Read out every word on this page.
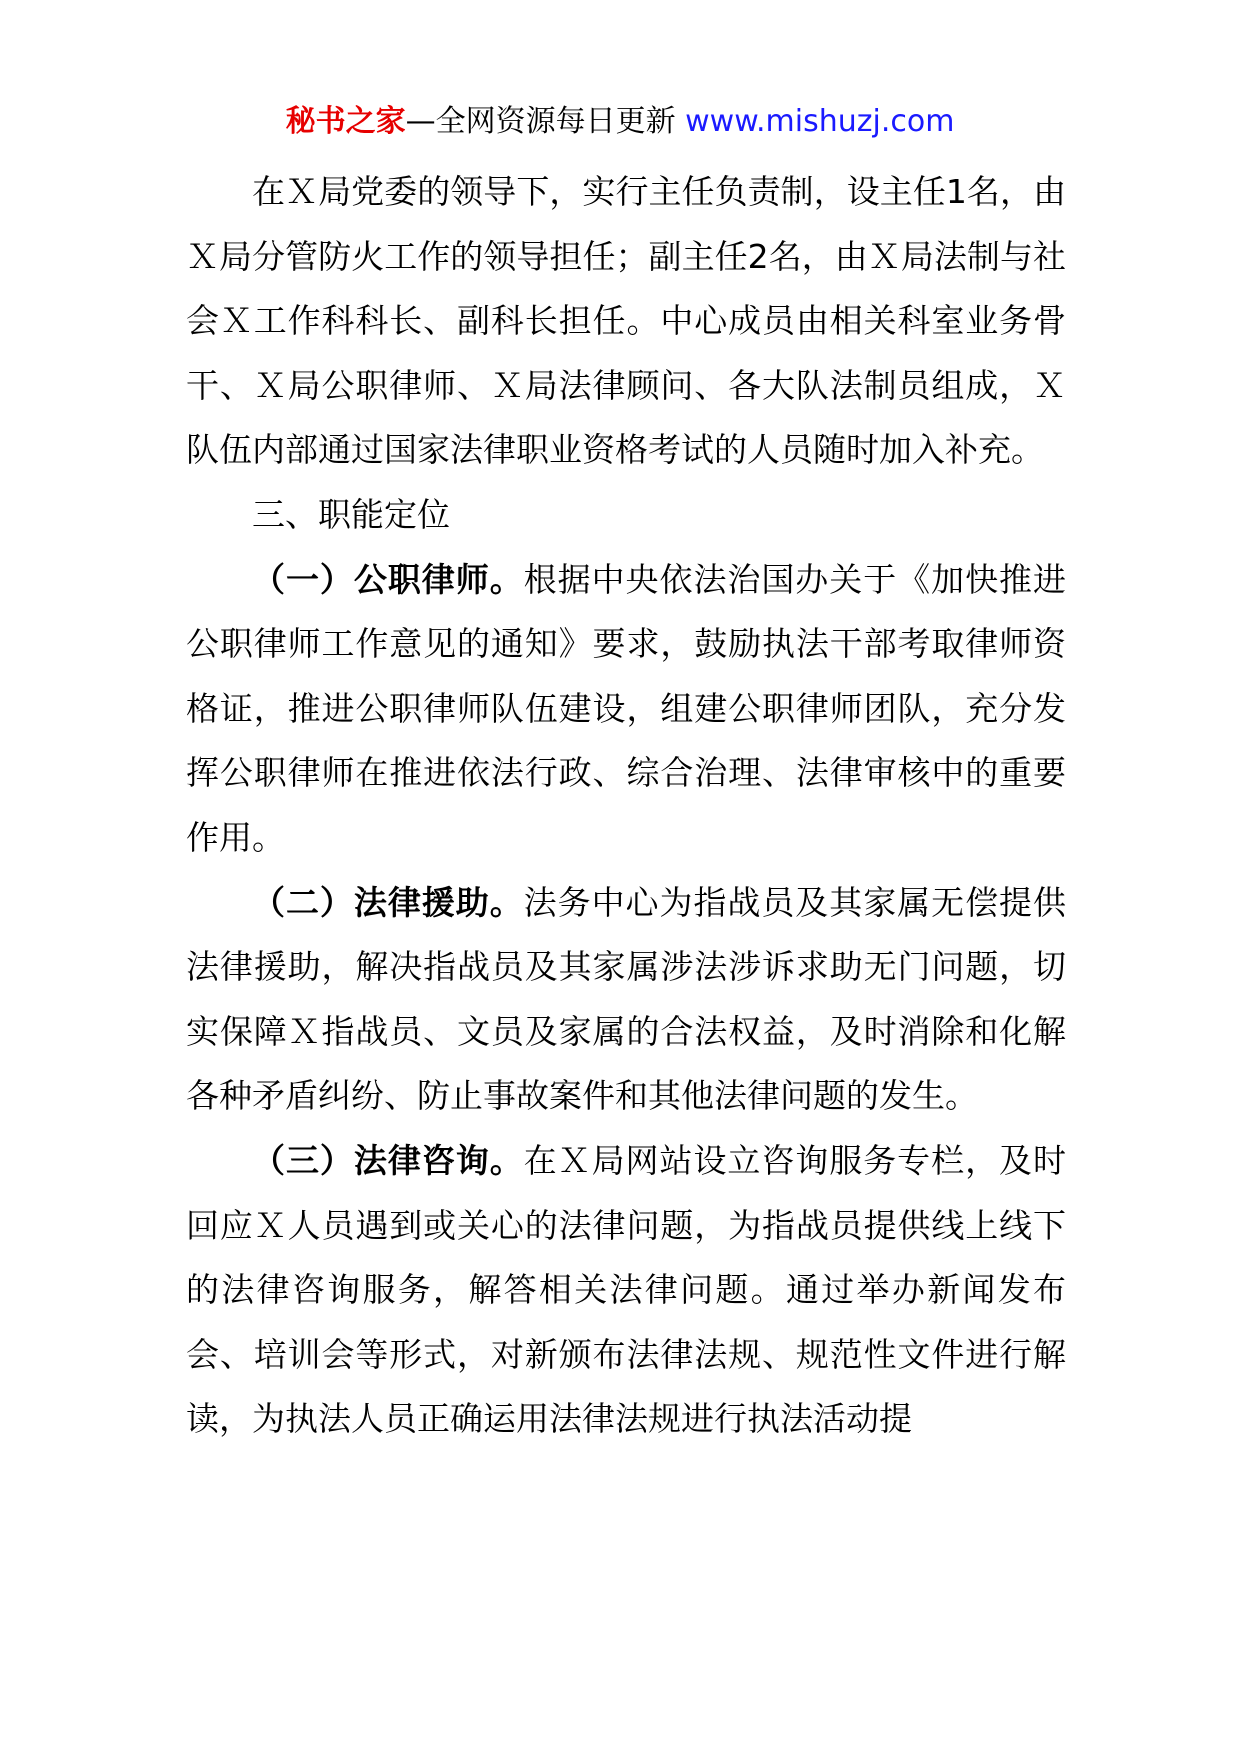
秘书之家—全网资源每日更新 www.mishuzj.com

在Ｘ局党委的领导下，实行主任负责制，设主任1名，由Ｘ局分管防火工作的领导担任；副主任2名，由Ｘ局法制与社会Ｘ工作科科长、副科长担任。中心成员由相关科室业务骨干、Ｘ局公职律师、Ｘ局法律顾问、各大队法制员组成，Ｘ队伍内部通过国家法律职业资格考试的人员随时加入补充。

三、职能定位

（一）公职律师。根据中央依法治国办关于《加快推进公职律师工作意见的通知》要求，鼓励执法干部考取律师资格证，推进公职律师队伍建设，组建公职律师团队，充分发挥公职律师在推进依法行政、综合治理、法律审核中的重要作用。

（二）法律援助。法务中心为指战员及其家属无偿提供法律援助，解决指战员及其家属涉法涉诉求助无门问题，切实保障Ｘ指战员、文员及家属的合法权益，及时消除和化解各种矛盾纠纷、防止事故案件和其他法律问题的发生。

（三）法律咨询。在Ｘ局网站设立咨询服务专栏，及时回应Ｘ人员遇到或关心的法律问题，为指战员提供线上线下的法律咨询服务，解答相关法律问题。通过举办新闻发布会、培训会等形式，对新颁布法律法规、规范性文件进行解读，为执法人员正确运用法律法规进行执法活动提
